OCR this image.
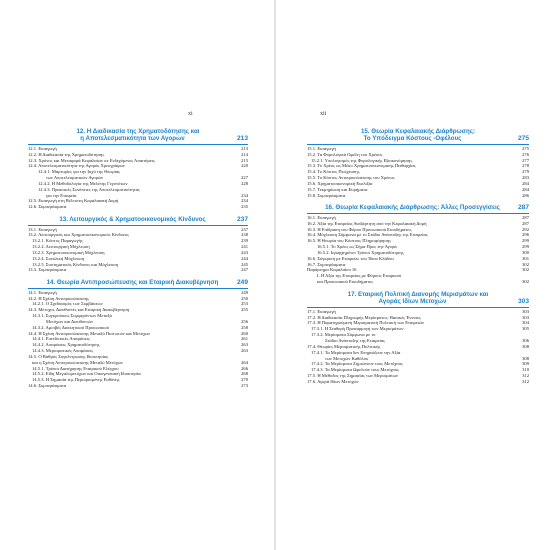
xi
12. Η Διαδικασία της Χρηματοδότησης και
213
η Αποτελεσματικότητα των Αγορών
12.1. Εισαγωγή	213
12.2. Η Διαδικασία της Χρηματοδότησης	214
12.3. Χρόνος και Μεταφορά Κεφαλαίων σε Ενδεχόμενες Απαιτήσεις	215
12.4. Αποτελεσματικότητα της Αγοράς Χρεογράφων	220
12.4.1. Μαρτυρίες για την Ισχύ της Θεωρίας
των Αποτελεσματικών Αγορών	227
12.4.2. Η Μεθοδολογία της Μελέτης Γεγονότων	228
12.4.3. Πρακτικές Συνέπειες της Αποτελεσματικότητας
για την Εταιρεία	234
12.5. Εισαγωγή στη Βέλτιστη Κεφαλαιακή Δομή	234
12.6. Συμπεράσματα	235
237
13. Λειτουργικός & Χρηματοοικονομικός Κίνδυνος
13.1. Εισαγωγή	237
13.2. Λειτουργικός και Χρηματοοικονομικός Κίνδυνος	238
13.2.1. Κόστος Παραγωγής	239
13.2.2. Λειτουργική Μόχλευση	241
13.2.3. Χρηματοοικονομική Μόχλευση	243
13.2.4. Συνολική Μόχλευση	244
13.2.5. Συστηματικός Κίνδυνος και Μόχλευση	245
13.3. Συμπεράσματα	247
249
14. Θεωρία Αντιπροσώπευσης και Εταιρική Διακυβέρνηση
14.1. Εισαγωγή	249
14.2. Η Σχέση Αντιπροσώπευσης	250
14.2.1. Ο Σχεδιασμός των Συμβάσεων	253
14.3. Μέτοχοι, Διευθυντές και Εταιρική Διακυβέρνηση	255
14.3.1. Συγκρούσεις Συμφερόντων Μεταξύ
Μετόχων και Διευθυντών	256
14.3.2. Αμοιβές Διοικητικού Προσωπικού	258
14.4. Η Σχέση Αντιπροσώπευσης Μεταξύ Πιστωτών και Μετόχων	260
14.4.1. Επενδυτικές Αποφάσεις	261
14.4.2. Αποφάσεις Χρηματοδότησης	263
14.4.3. Μερισματικές Αποφάσεις	263
14.5. Ο Βαθμός Συγκέντρωσης Ιδιοκτησίας
και η Σχέση Αντιπροσώπευσης Μεταξύ Μετόχων	264
14.5.1. Τρόποι Διατήρησης Εταιρικού Ελέγχου	266
14.5.2. Είδη Μεγαλομετόχων και Οικογενειακή Ιδιοκτησία	268
14.5.3. Η Σημασία της Περιορισμένης Ευθύνης	270
14.6. Συμπεράσματα	273
xii
15. Θεωρία Κεφαλαιακής Διάρθρωσης:
275
Το Υπόδειγμα Κόστους -Οφέλους
15.1. Εισαγωγή	275
15.2. Τα Φορολογικά Οφέλη του Χρέους	276
15.2.1. Υπολογισμός της Φορολογικής Εξοικονόμησης	277
15.3. Το Χρέος ως Μέσο Χρηματοοικονομικής Πειθαρχίας	278
15.4. Το Κόστος Πτώχευσης	279
15.5. Το Κόστος Αντιπροσώπευσης του Χρέους	283
15.6. Χρηματοοικονομική Ευελιξία	284
15.7. Τεκμηρίωση και Ευρήματα	284
15.8. Συμπεράσματα	286
287
16. Θεωρία Κεφαλαιακής Διάρθρωσης: Άλλες Προσεγγίσεις
16.1. Εισαγωγή	287
16.2. Αξία της Εταιρείας Ανεξάρτητη από την Κεφαλαιακή Δομή	287
16.3. Η Επίδραση του Φόρου Προσωπικού Εισοδήματος	292
16.4. Μόχλευση Σύμφωνα με το Στάδιο Ανάπτυξης της Εταιρείας	296
16.5. Η Θεωρία του Κόστους Πληροφόρησης	299
16.5.1. Το Χρέος ως Σήμα Προς την Αγορά	299
16.5.2. Ιεραρχημένοι Τρόποι Χρηματοδότησης	300
16.6. Σύγκριση με Εταιρείες του Ίδιου Κλάδου	301
16.7. Συμπεράσματα	302
Παράρτημα Κεφαλαίου 16	302
Ι. Η Αξία της Εταιρείας με Φόρους Εταιρικού
και Προσωπικού Εισοδήματος	302
17. Εταιρική Πολιτική Διανομής Μερισμάτων και
303
Αγοράς Ιδίων Μετοχών
17.1. Εισαγωγή	303
17.2. Η Διαδικασία Πληρωμής Μερίσματος: Βασικές Έννοιες	303
17.3. Η Παρατηρούμενη Μερισματική Πολιτική των Εταιρειών	304
17.3.1. Η Σταθερή Προσαρμογή των Μερισμάτων	305
17.3.2. Μερίσματα Σύμφωνα με το
Στάδιο Ανάπτυξης της Εταιρείας	306
17.4. Θεωρίες Μερισματικής Πολιτικής	308
17.4.1. Τα Μερίσματα δεν Επηρεάζουν την Αξία
των Μετοχών Καθόλου	308
17.4.2. Τα Μερίσματα Ζημιώνουν τους Μετόχους	309
17.4.3. Τα Μερίσματα Ωφελούν τους Μετόχους	310
17.5. Η Μέθοδος της Σημασίας των Μερισμάτων	312
17.6. Αγορά Ιδίων Μετοχών	312
